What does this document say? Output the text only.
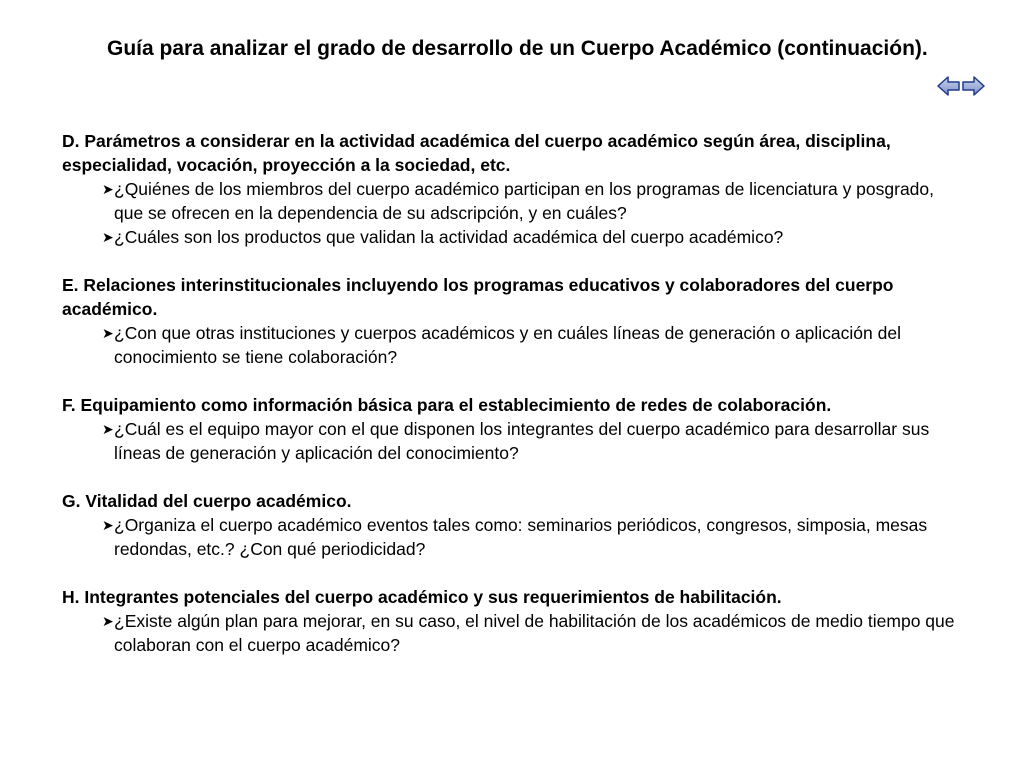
Guía para analizar el grado de desarrollo de un Cuerpo Académico (continuación).
D. Parámetros a considerar en la actividad académica del cuerpo académico según área, disciplina, especialidad, vocación, proyección a la sociedad, etc.
➤ ¿Quiénes de los miembros del cuerpo académico participan en los programas de licenciatura y posgrado, que se ofrecen en la dependencia de su adscripción, y en cuáles?
➤ ¿Cuáles son los productos que validan la actividad académica del cuerpo académico?
E. Relaciones interinstitucionales incluyendo los programas educativos y colaboradores del cuerpo académico.
➤ ¿Con que otras instituciones y cuerpos académicos y en cuáles líneas de generación o aplicación del conocimiento se tiene colaboración?
F. Equipamiento como información básica para el establecimiento de redes de colaboración.
➤ ¿Cuál es el equipo mayor con el que disponen los integrantes del cuerpo académico para desarrollar sus líneas de generación y aplicación del conocimiento?
G. Vitalidad del cuerpo académico.
➤ ¿Organiza el cuerpo académico eventos tales como: seminarios periódicos, congresos, simposia, mesas redondas, etc.? ¿Con qué periodicidad?
H. Integrantes potenciales del cuerpo académico y sus requerimientos de habilitación.
➤ ¿Existe algún plan para mejorar, en su caso, el nivel de habilitación de los académicos de medio tiempo que colaboran con el cuerpo académico?
